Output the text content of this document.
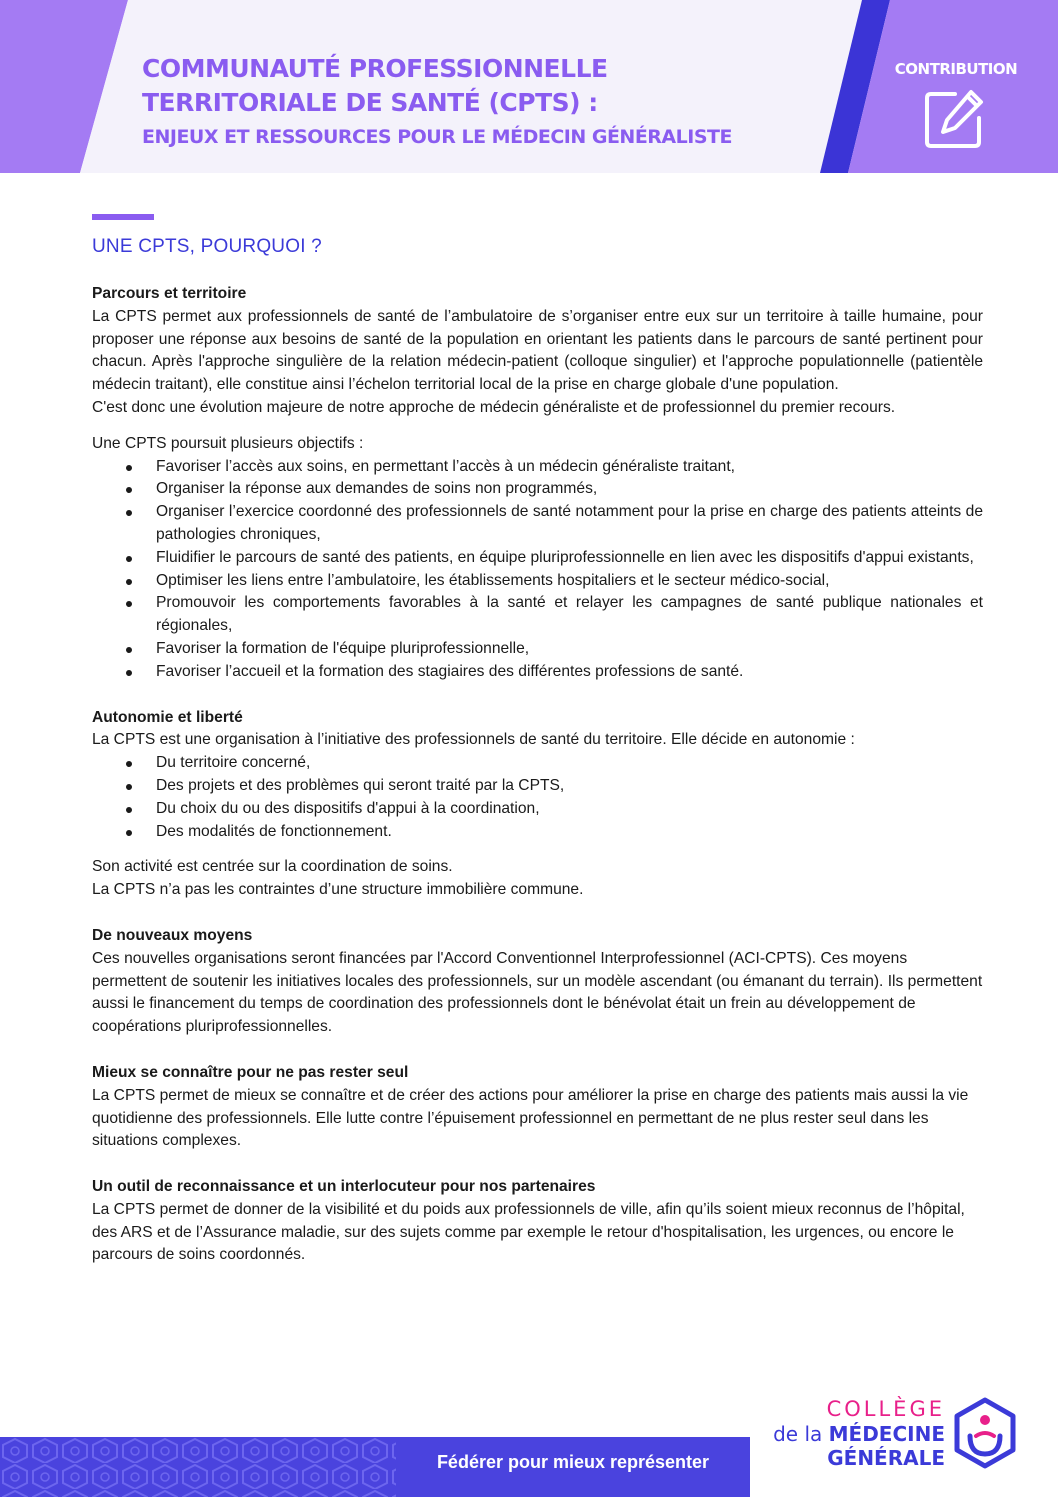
COMMUNAUTÉ PROFESSIONNELLE
TERRITORIALE DE SANTÉ (CPTS) :
ENJEUX ET RESSOURCES POUR LE MÉDECIN GÉNÉRALISTE
CONTRIBUTION
UNE CPTS, POURQUOI ?
Parcours et territoire

La CPTS permet aux professionnels de santé de l’ambulatoire de s’organiser entre eux sur un territoire à taille humaine, pour proposer une réponse aux besoins de santé de la population en orientant les patients dans le parcours de santé pertinent pour chacun. Après l'approche singulière de la relation médecin-patient (colloque singulier) et l'approche populationnelle (patientèle médecin traitant), elle constitue ainsi l’échelon territorial local de la prise en charge globale d'une population.

C'est donc une évolution majeure de notre approche de médecin généraliste et de professionnel du premier recours.

Une CPTS poursuit plusieurs objectifs :

Favoriser l’accès aux soins, en permettant l’accès à un médecin généraliste traitant,
Organiser la réponse aux demandes de soins non programmés,
Organiser l’exercice coordonné des professionnels de santé notamment pour la prise en charge des patients atteints de pathologies chroniques,
Fluidifier le parcours de santé des patients, en équipe pluriprofessionnelle en lien avec les dispositifs d'appui existants,
Optimiser les liens entre l’ambulatoire, les établissements hospitaliers et le secteur médico-social,
Promouvoir les comportements favorables à la santé et relayer les campagnes de santé publique nationales et régionales,
Favoriser la formation de l'équipe pluriprofessionnelle,
Favoriser l’accueil et la formation des stagiaires des différentes professions de santé.
Autonomie et liberté

La CPTS est une organisation à l’initiative des professionnels de santé du territoire. Elle décide en autonomie :

Du territoire concerné,
Des projets et des problèmes qui seront traité par la CPTS,
Du choix du ou des dispositifs d'appui à la coordination,
Des modalités de fonctionnement.

Son activité est centrée sur la coordination de soins.

La CPTS n’a pas les contraintes d’une structure immobilière commune.

De nouveaux moyens

Ces nouvelles organisations seront financées par l'Accord Conventionnel Interprofessionnel (ACI-CPTS). Ces moyens permettent de soutenir les initiatives locales des professionnels, sur un modèle ascendant (ou émanant du terrain). Ils permettent aussi le financement du temps de coordination des professionnels dont le bénévolat était un frein au développement de coopérations pluriprofessionnelles.

Mieux se connaître pour ne pas rester seul

La CPTS permet de mieux se connaître et de créer des actions pour améliorer la prise en charge des patients mais aussi la vie quotidienne des professionnels. Elle lutte contre l’épuisement professionnel en permettant de ne plus rester seul dans les situations complexes.

Un outil de reconnaissance et un interlocuteur pour nos partenaires

La CPTS permet de donner de la visibilité et du poids aux professionnels de ville, afin qu’ils soient mieux reconnus de l’hôpital, des ARS et de l’Assurance maladie, sur des sujets comme par exemple le retour d'hospitalisation, les urgences, ou encore le parcours de soins coordonnés.

Fédérer pour mieux représenter
COLLÈGE
de la MÉDECINE
GÉNÉRALE
